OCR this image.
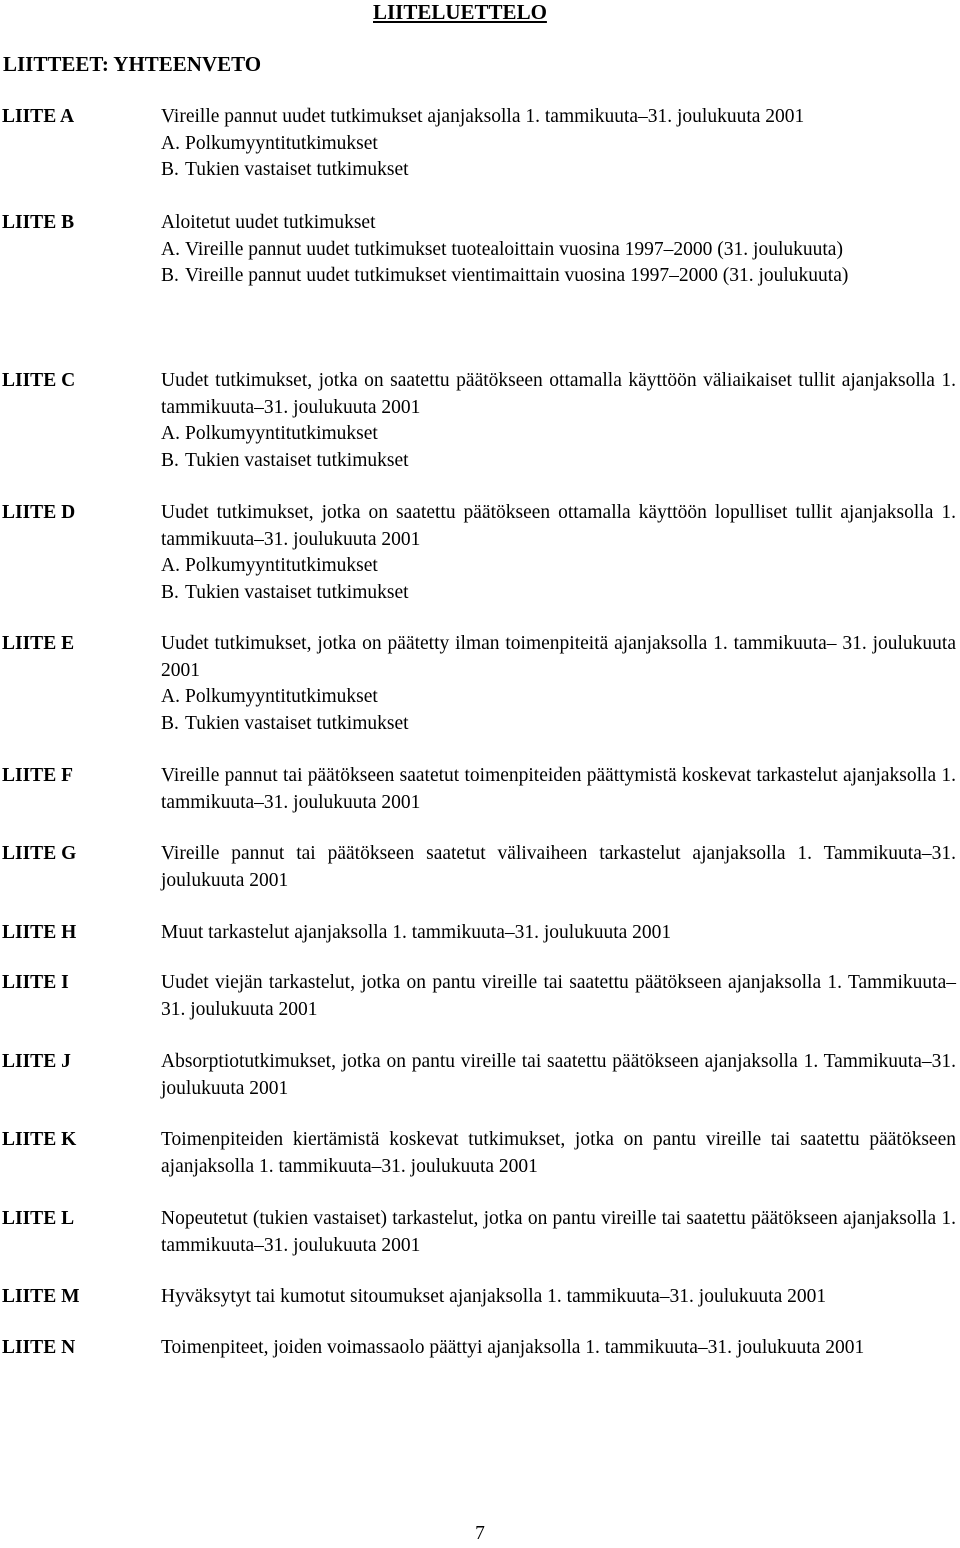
LIITELUETTELO
LIITTEET: YHTEENVETO
LIITE A	Vireille pannut uudet tutkimukset ajanjaksolla 1. tammikuuta–31. joulukuuta 2001
A. Polkumyyntitutkimukset
B. Tukien vastaiset tutkimukset
LIITE B	Aloitetut uudet tutkimukset
A. Vireille pannut uudet tutkimukset tuotealoittain vuosina 1997–2000 (31. joulukuuta)
B. Vireille pannut uudet tutkimukset vientimaittain vuosina 1997–2000 (31. joulukuuta)
LIITE C	Uudet tutkimukset, jotka on saatettu päätökseen ottamalla käyttöön väliaikaiset tullit ajanjaksolla 1. tammikuuta–31. joulukuuta 2001
A. Polkumyyntitutkimukset
B. Tukien vastaiset tutkimukset
LIITE D	Uudet tutkimukset, jotka on saatettu päätökseen ottamalla käyttöön lopulliset tullit ajanjaksolla 1. tammikuuta–31. joulukuuta 2001
A. Polkumyyntitutkimukset
B. Tukien vastaiset tutkimukset
LIITE E	Uudet tutkimukset, jotka on päätetty ilman toimenpiteitä ajanjaksolla 1. tammikuuta– 31. joulukuuta 2001
A. Polkumyyntitutkimukset
B. Tukien vastaiset tutkimukset
LIITE F	Vireille pannut tai päätökseen saatetut toimenpiteiden päättymistä koskevat tarkastelut ajanjaksolla 1. tammikuuta–31. joulukuuta 2001
LIITE G	Vireille pannut tai päätökseen saatetut välivaiheen tarkastelut ajanjaksolla 1. Tammikuuta–31. joulukuuta 2001
LIITE H	Muut tarkastelut ajanjaksolla 1. tammikuuta–31. joulukuuta 2001
LIITE I	Uudet viejän tarkastelut, jotka on pantu vireille tai saatettu päätökseen ajanjaksolla 1. Tammikuuta–31. joulukuuta 2001
LIITE J	Absorptiotutkimukset, jotka on pantu vireille tai saatettu päätökseen ajanjaksolla 1. Tammikuuta–31. joulukuuta 2001
LIITE K	Toimenpiteiden kiertämistä koskevat tutkimukset, jotka on pantu vireille tai saatettu päätökseen ajanjaksolla 1. tammikuuta–31. joulukuuta 2001
LIITE L	Nopeutetut (tukien vastaiset) tarkastelut, jotka on pantu vireille tai saatettu päätökseen ajanjaksolla 1. tammikuuta–31. joulukuuta 2001
LIITE M	Hyväksytyt tai kumotut sitoumukset ajanjaksolla 1. tammikuuta–31. joulukuuta 2001
LIITE N	Toimenpiteet, joiden voimassaolo päättyi ajanjaksolla 1. tammikuuta–31. joulukuuta 2001
7
